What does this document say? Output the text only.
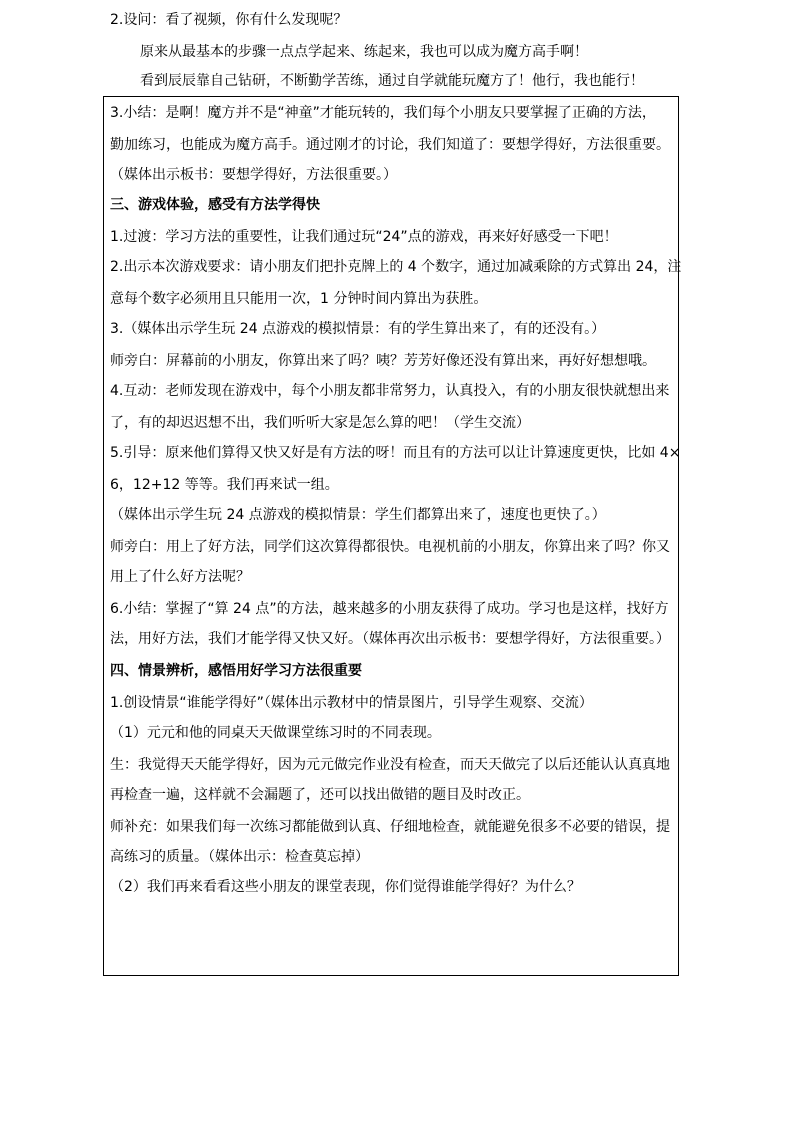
2.设问：看了视频，你有什么发现呢？
原来从最基本的步骤一点点学起来、练起来，我也可以成为魔方高手啊！
看到辰辰靠自己钻研，不断勤学苦练，通过自学就能玩魔方了！他行，我也能行！
3.小结：是啊！魔方并不是“神童”才能玩转的，我们每个小朋友只要掌握了正确的方法，
勤加练习，也能成为魔方高手。通过刚才的讨论，我们知道了：要想学得好，方法很重要。
（媒体出示板书：要想学得好，方法很重要。）
三、游戏体验，感受有方法学得快
1.过渡：学习方法的重要性，让我们通过玩“24”点的游戏，再来好好感受一下吧！
2.出示本次游戏要求：请小朋友们把扑克牌上的 4 个数字，通过加减乘除的方式算出 24，注
意每个数字必须用且只能用一次，1 分钟时间内算出为获胜。
3.（媒体出示学生玩 24 点游戏的模拟情景：有的学生算出来了，有的还没有。）
师旁白：屏幕前的小朋友，你算出来了吗？咦？芳芳好像还没有算出来，再好好想想哦。
4.互动：老师发现在游戏中，每个小朋友都非常努力，认真投入，有的小朋友很快就想出来
了，有的却迟迟想不出，我们听听大家是怎么算的吧！（学生交流）
5.引导：原来他们算得又快又好是有方法的呀！而且有的方法可以让计算速度更快，比如 4×
6，12+12 等等。我们再来试一组。
（媒体出示学生玩 24 点游戏的模拟情景：学生们都算出来了，速度也更快了。）
师旁白：用上了好方法，同学们这次算得都很快。电视机前的小朋友，你算出来了吗？你又
用上了什么好方法呢？
6.小结：掌握了“算 24 点”的方法，越来越多的小朋友获得了成功。学习也是这样，找好方
法，用好方法，我们才能学得又快又好。（媒体再次出示板书：要想学得好，方法很重要。）
四、情景辨析，感悟用好学习方法很重要
1.创设情景“谁能学得好”（媒体出示教材中的情景图片，引导学生观察、交流）
（1）元元和他的同桌天天做课堂练习时的不同表现。
生：我觉得天天能学得好，因为元元做完作业没有检查，而天天做完了以后还能认认真真地
再检查一遍，这样就不会漏题了，还可以找出做错的题目及时改正。
师补充：如果我们每一次练习都能做到认真、仔细地检查，就能避免很多不必要的错误，提
高练习的质量。（媒体出示：检查莫忘掉）
（2）我们再来看看这些小朋友的课堂表现，你们觉得谁能学得好？为什么？
